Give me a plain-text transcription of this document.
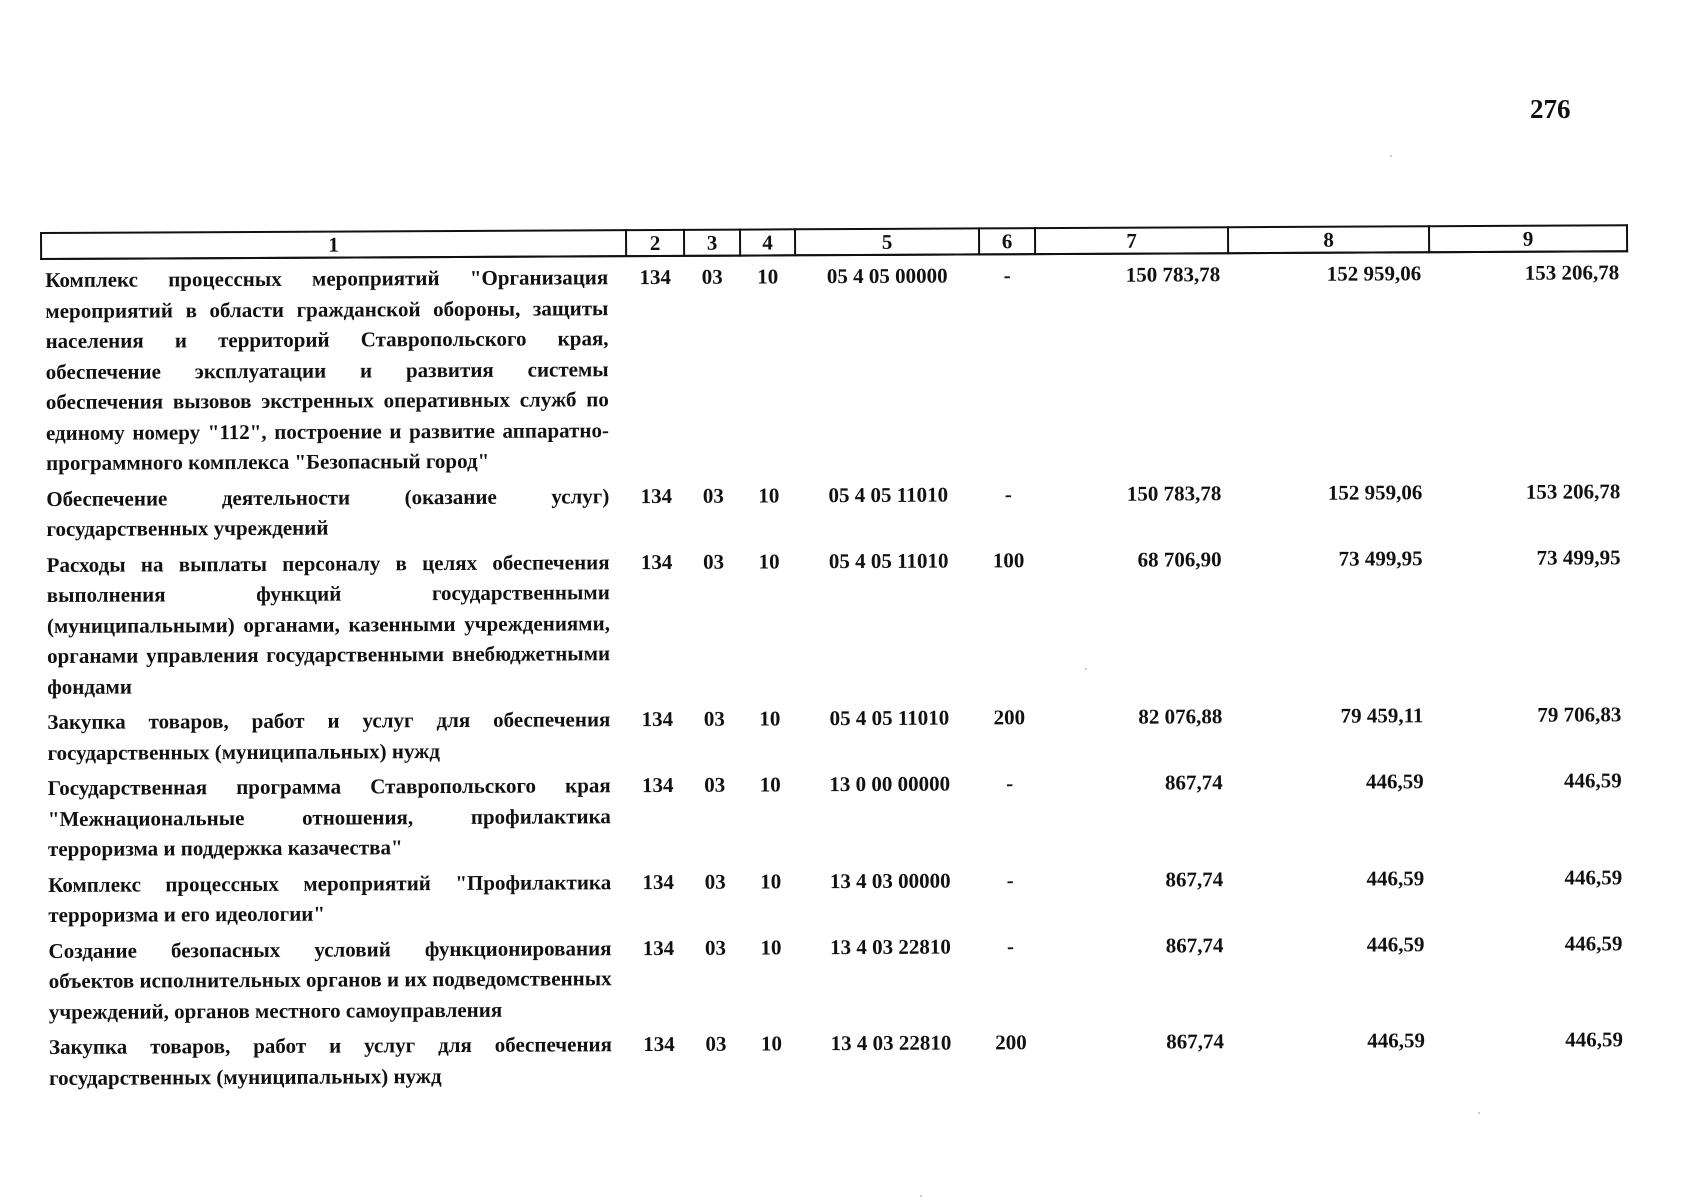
276
1	2	3	4	5	6	7	8	9
Комплекс процессных мероприятий "Организация мероприятий в области гражданской обороны, защиты населения и территорий Ставропольского края, обеспечение эксплуатации и развития системы обеспечения вызовов экстренных оперативных служб по единому номеру "112", построение и развитие аппаратно-программного комплекса "Безопасный город"	134	03	10	05 4 05 00000	-	150 783,78	152 959,06	153 206,78
Обеспечение деятельности (оказание услуг) государственных учреждений	134	03	10	05 4 05 11010	-	150 783,78	152 959,06	153 206,78
Расходы на выплаты персоналу в целях обеспечения выполнения функций государственными (муниципальными) органами, казенными учреждениями, органами управления государственными внебюджетными фондами	134	03	10	05 4 05 11010	100	68 706,90	73 499,95	73 499,95
Закупка товаров, работ и услуг для обеспечения государственных (муниципальных) нужд	134	03	10	05 4 05 11010	200	82 076,88	79 459,11	79 706,83
Государственная программа Ставропольского края "Межнациональные отношения, профилактика терроризма и поддержка казачества"	134	03	10	13 0 00 00000	-	867,74	446,59	446,59
Комплекс процессных мероприятий "Профилактика терроризма и его идеологии"	134	03	10	13 4 03 00000	-	867,74	446,59	446,59
Создание безопасных условий функционирования объектов исполнительных органов и их подведомственных учреждений, органов местного самоуправления	134	03	10	13 4 03 22810	-	867,74	446,59	446,59
Закупка товаров, работ и услуг для обеспечения государственных (муниципальных) нужд	134	03	10	13 4 03 22810	200	867,74	446,59	446,59
